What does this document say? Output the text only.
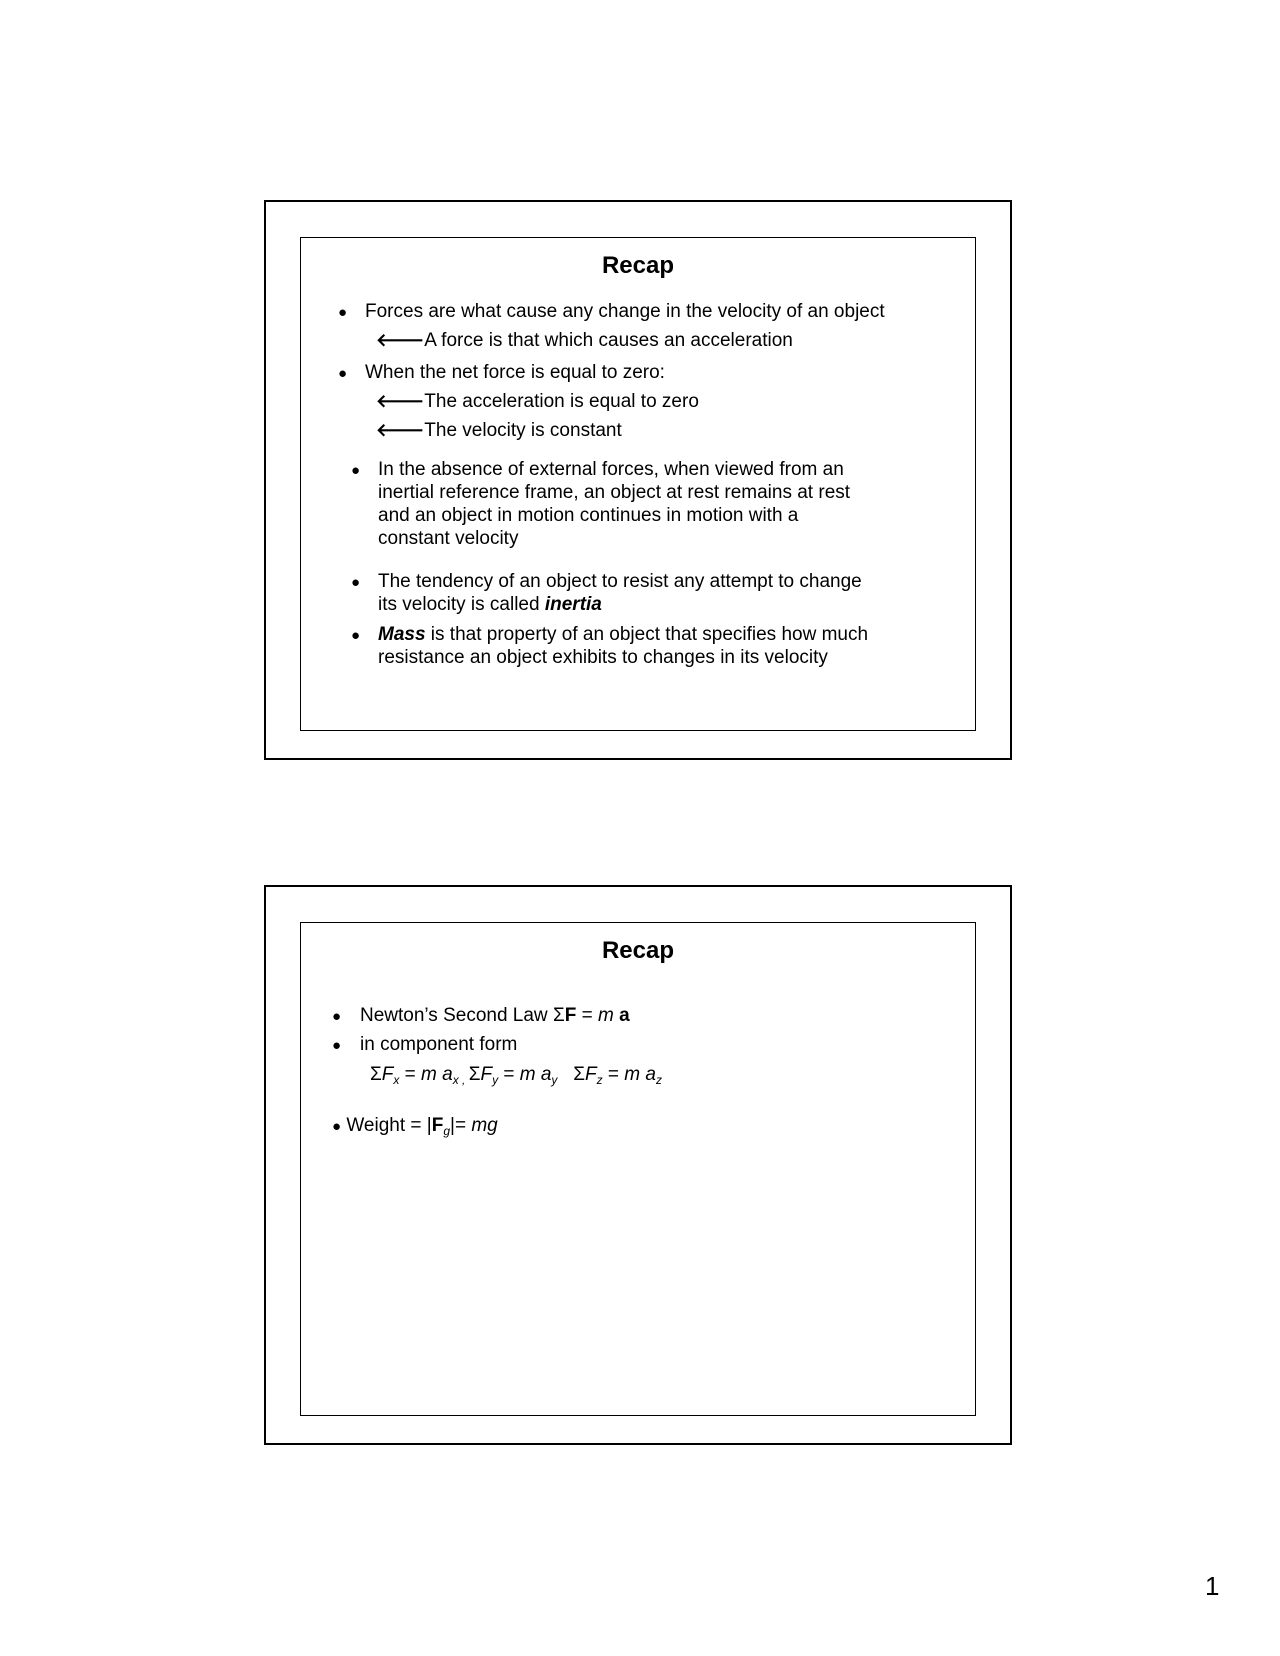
Recap
● Forces are what cause any change in the velocity of an object
🡐A force is that which causes an acceleration
● When the net force is equal to zero:
🡐The acceleration is equal to zero
🡐The velocity is constant
● In the absence of external forces, when viewed from an
inertial reference frame, an object at rest remains at rest
and an object in motion continues in motion with a
constant velocity
● The tendency of an object to resist any attempt to change
its velocity is called inertia
● Mass is that property of an object that specifies how much
resistance an object exhibits to changes in its velocity
Recap
● Newton’s Second Law ΣF = m a
● in component form
$\Sigma F_x = m$ $a_x$ $_,$ $\Sigma F_y = m$ $a_y$ $\Sigma F_z = m$ $a_z$
● Weight = $|F_g|=$ mg
1
